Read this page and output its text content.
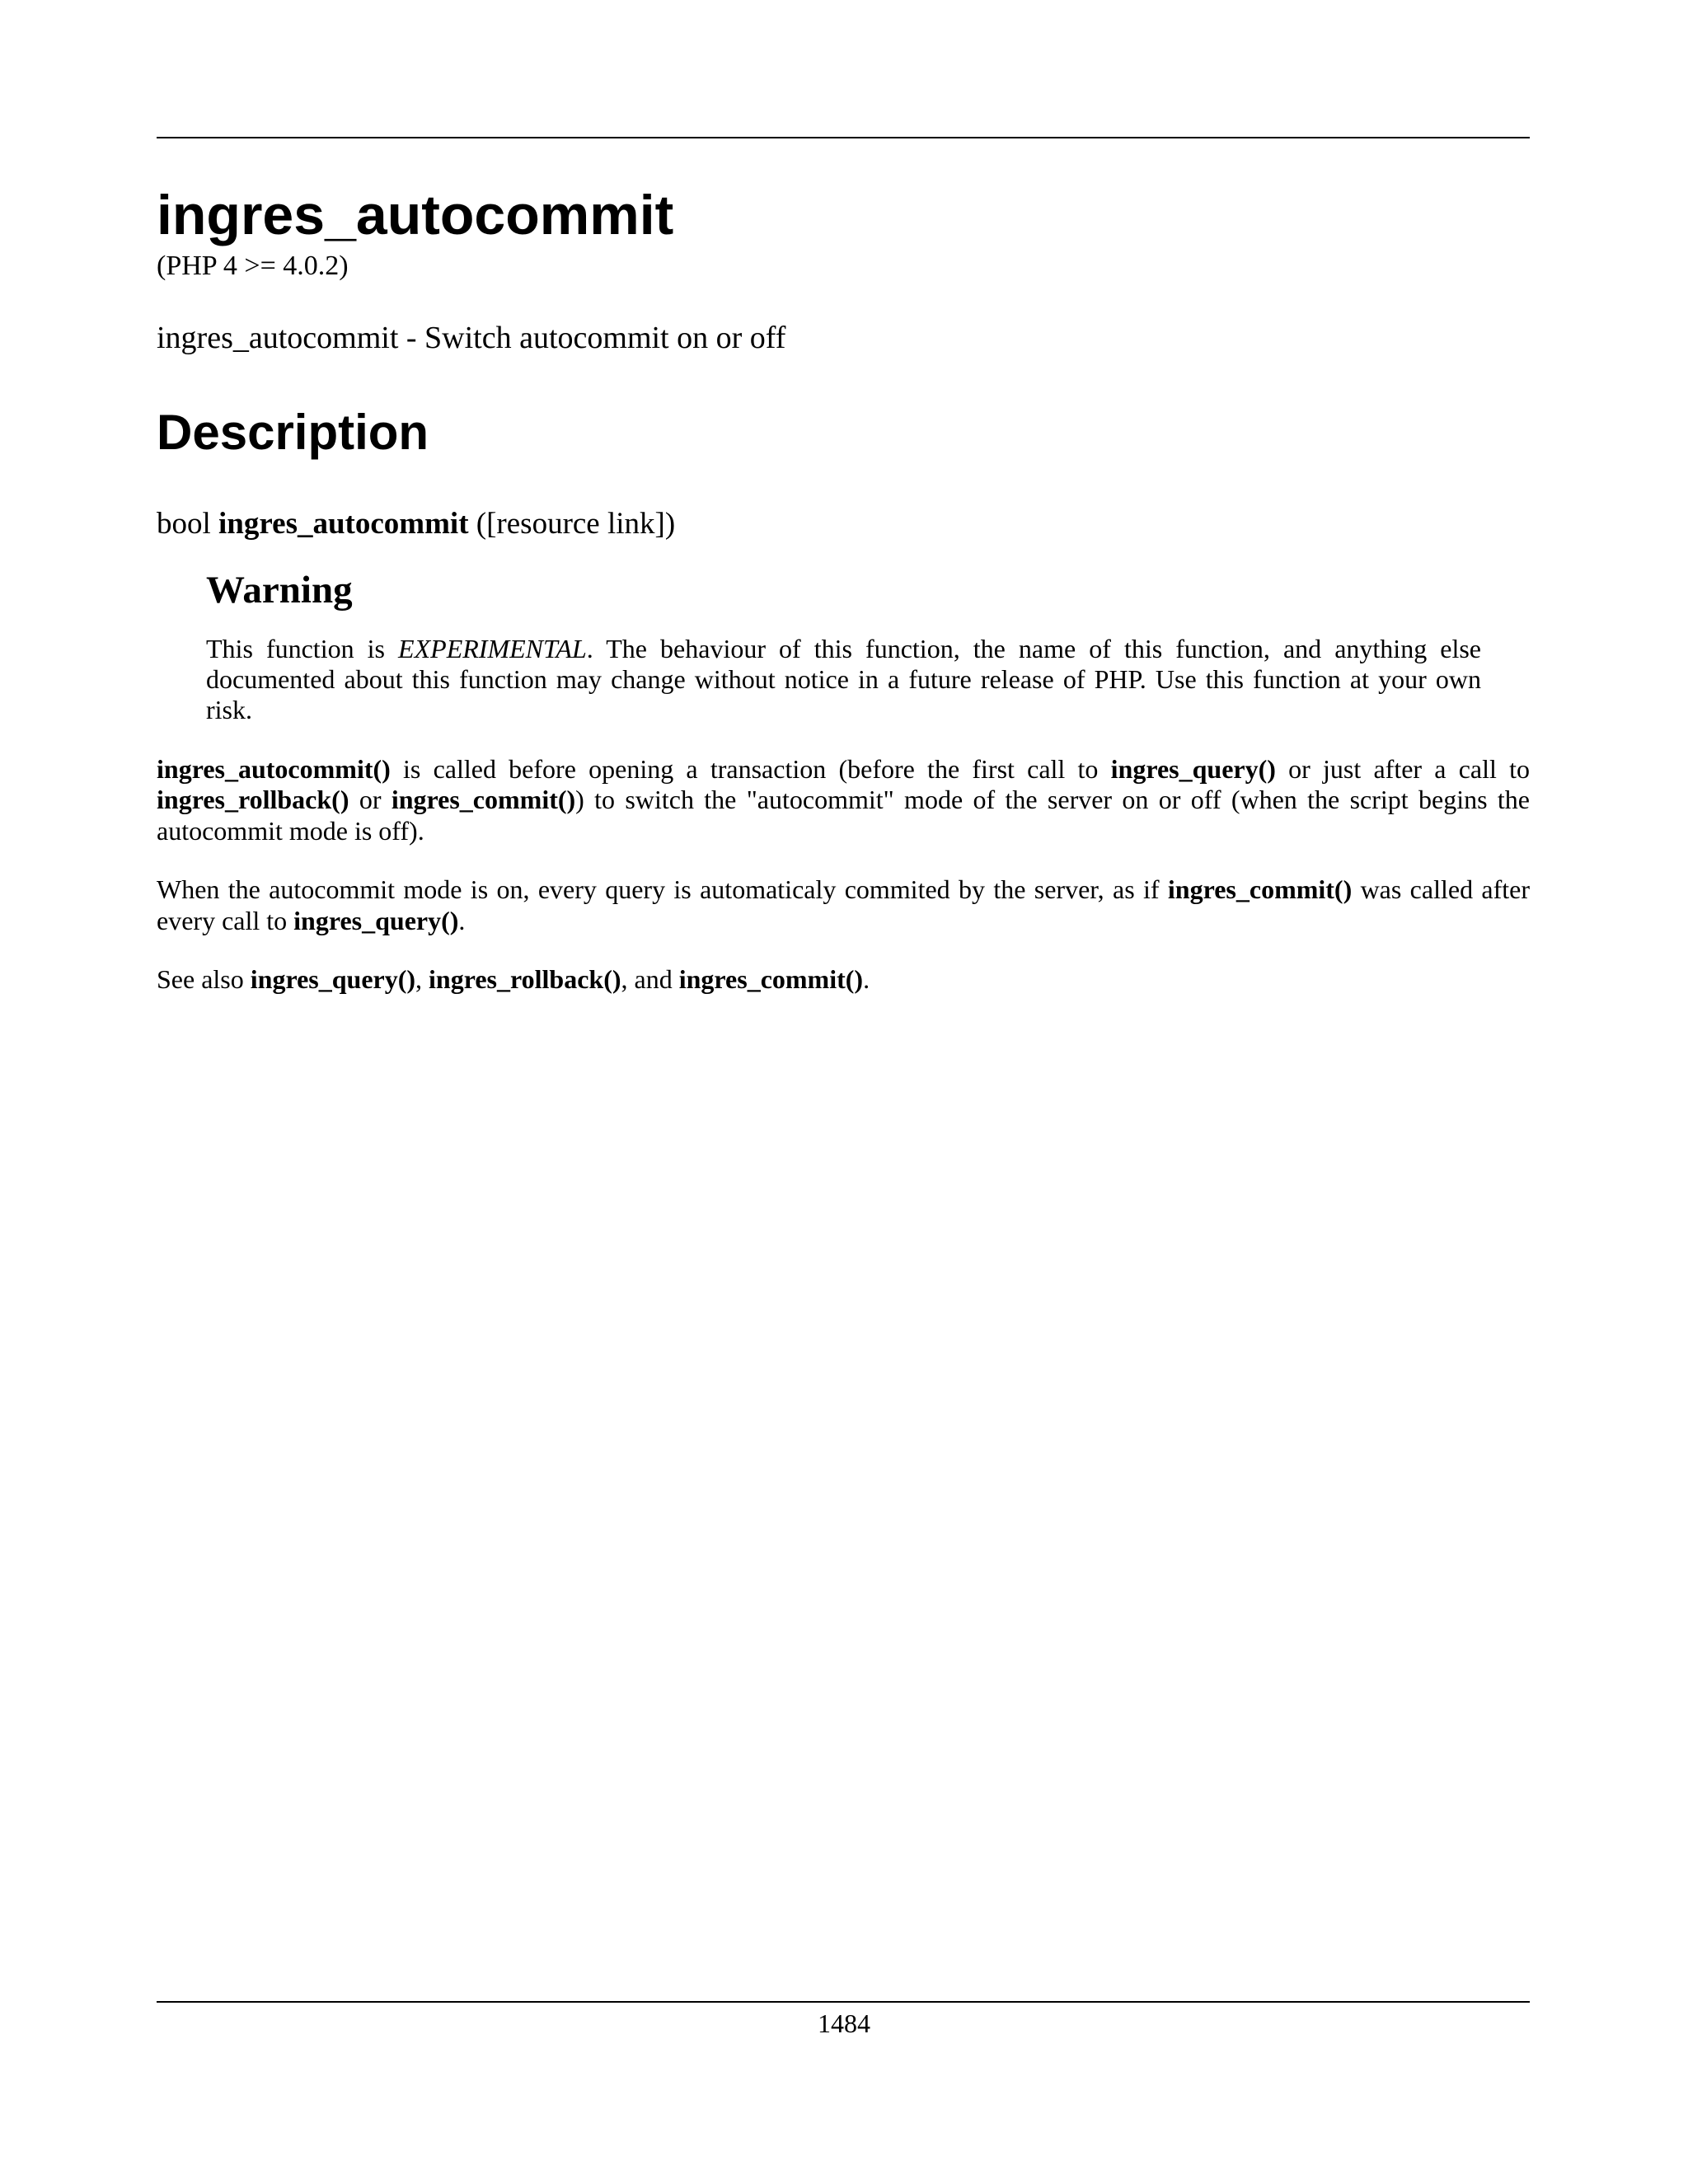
ingres_autocommit
(PHP 4 >= 4.0.2)
ingres_autocommit - Switch autocommit on or off
Description
bool ingres_autocommit ([resource link])
Warning
This function is EXPERIMENTAL. The behaviour of this function, the name of this function, and anything else documented about this function may change without notice in a future release of PHP. Use this function at your own risk.

ingres_autocommit() is called before opening a transaction (before the first call to ingres_query() or just after a call to ingres_rollback() or ingres_commit()) to switch the "autocommit" mode of the server on or off (when the script begins the autocommit mode is off).

When the autocommit mode is on, every query is automaticaly commited by the server, as if ingres_commit() was called after every call to ingres_query().

See also ingres_query(), ingres_rollback(), and ingres_commit().

1484
